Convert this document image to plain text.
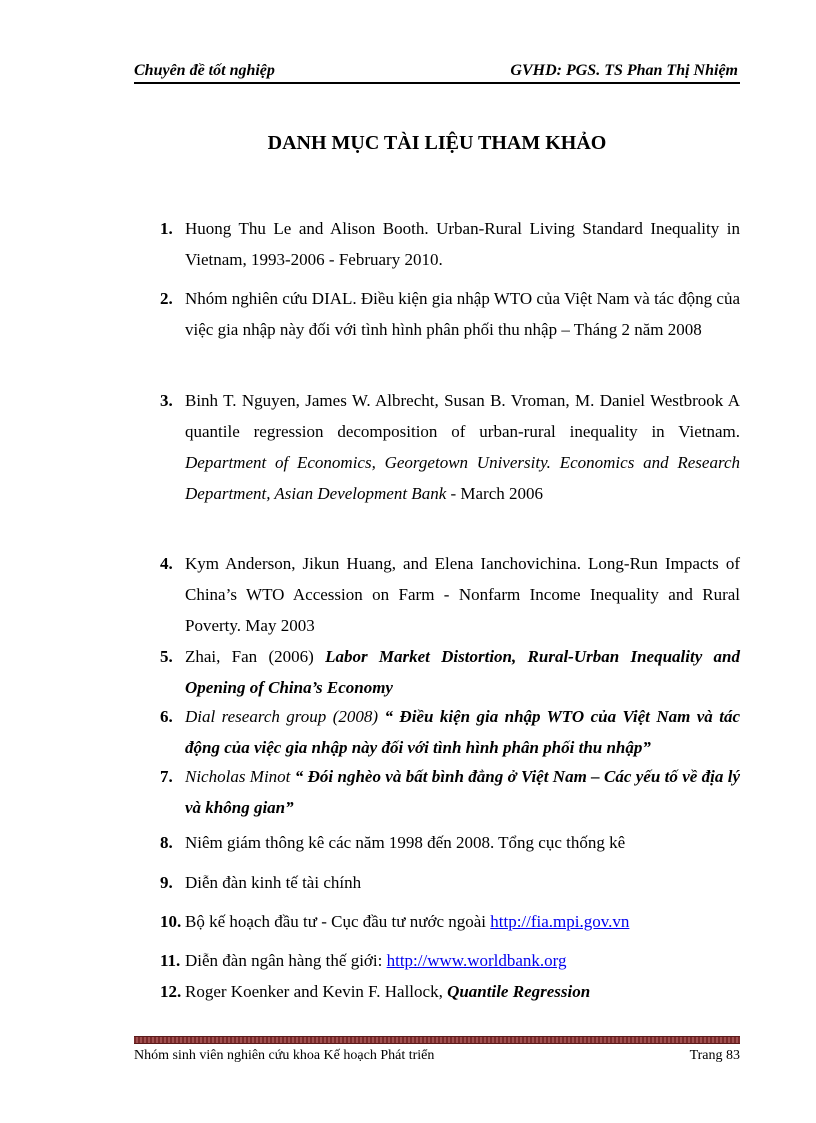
Chuyên đề tốt nghiệp	GVHD: PGS. TS Phan Thị Nhiệm
DANH MỤC TÀI LIỆU THAM KHẢO
1. Huong Thu Le and Alison Booth. Urban-Rural Living Standard Inequality in Vietnam, 1993-2006 - February 2010.
2. Nhóm nghiên cứu DIAL. Điều kiện gia nhập WTO của Việt Nam và tác động của việc gia nhập này đối với tình hình phân phối thu nhập – Tháng 2 năm 2008
3. Binh T. Nguyen, James W. Albrecht, Susan B. Vroman, M. Daniel Westbrook A quantile regression decomposition of urban-rural inequality in Vietnam. Department of Economics, Georgetown University. Economics and Research Department, Asian Development Bank - March 2006
4. Kym Anderson, Jikun Huang, and Elena Ianchovichina. Long-Run Impacts of China’s WTO Accession on Farm - Nonfarm Income Inequality and Rural Poverty. May 2003
5. Zhai, Fan (2006) Labor Market Distortion, Rural-Urban Inequality and Opening of China’s Economy
6. Dial research group (2008) “ Điều kiện gia nhập WTO của Việt Nam và tác động của việc gia nhập này đối với tình hình phân phối thu nhập”
7. Nicholas Minot “ Đói nghèo và bất bình đẳng ở Việt Nam – Các yếu tố về địa lý và không gian”
8. Niêm giám thông kê các năm 1998 đến 2008. Tổng cục thống kê
9. Diễn đàn kinh tế tài chính
10. Bộ kế hoạch đầu tư - Cục đầu tư nước ngoài http://fia.mpi.gov.vn
11. Diễn đàn ngân hàng thế giới: http://www.worldbank.org
12. Roger Koenker and Kevin F. Hallock, Quantile Regression
Nhóm sinh viên nghiên cứu khoa Kế hoạch Phát triển	Trang 83
